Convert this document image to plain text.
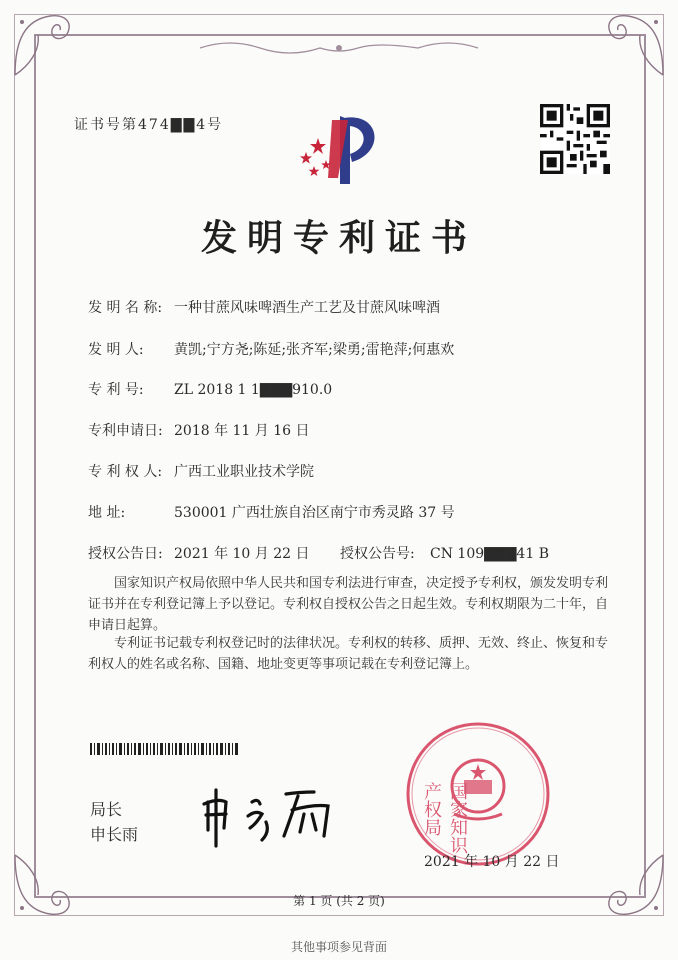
证书号第474▇▇4号
发明专利证书
发 明 名 称: 一种甘蔗风味啤酒生产工艺及甘蔗风味啤酒
发 明 人: 黄凯;宁方尧;陈延;张齐军;梁勇;雷艳萍;何惠欢
专 利 号: ZL 2018 1 1▇▇▇910.0
专利申请日: 2018 年 11 月 16 日
专 利 权 人: 广西工业职业技术学院
地 址:	530001 广西壮族自治区南宁市秀灵路 37 号
授权公告日: 2021 年 10 月 22 日 授权公告号: CN 109▇▇▇41 B
国家知识产权局依照中华人民共和国专利法进行审查，决定授予专利权，颁发发明专利证书并在专利登记簿上予以登记。专利权自授权公告之日起生效。专利权期限为二十年，自申请日起算。
专利证书记载专利权登记时的法律状况。专利权的转移、质押、无效、终止、恢复和专利权人的姓名或名称、国籍、地址变更等事项记载在专利登记簿上。
局长
申长雨	国家知识产权局
2021 年 10 月 22 日
第 1 页 (共 2 页)
其他事项参见背面
